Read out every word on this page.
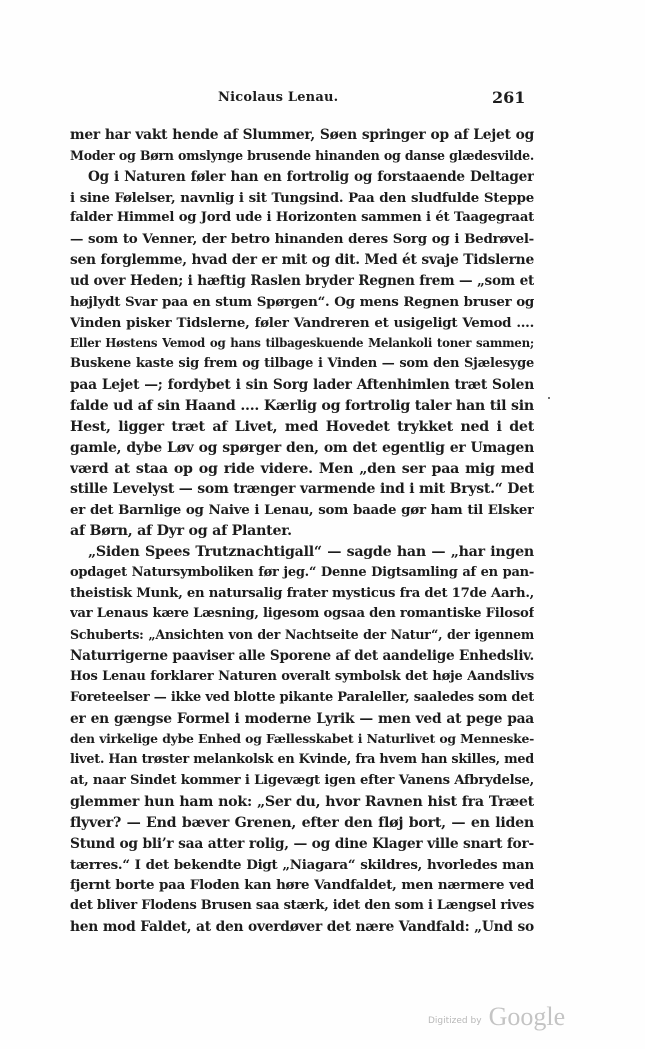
Nicolaus Lenau.	261
mer har vakt hende af Slummer, Søen springer op af Lejet og
Moder og Børn omslynge brusende hinanden og danse glædesvilde.
Og i Naturen føler han en fortrolig og forstaaende Deltager
i sine Følelser, navnlig i sit Tungsind. Paa den sludfulde Steppe
falder Himmel og Jord ude i Horizonten sammen i ét Taagegraat
— som to Venner, der betro hinanden deres Sorg og i Bedrøvel-
sen forglemme, hvad der er mit og dit. Med ét svaje Tidslerne
ud over Heden; i hæftig Raslen bryder Regnen frem — „som et
højlydt Svar paa en stum Spørgen“. Og mens Regnen bruser og
Vinden pisker Tidslerne, føler Vandreren et usigeligt Vemod ....
Eller Høstens Vemod og hans tilbageskuende Melankoli toner sammen;
Buskene kaste sig frem og tilbage i Vinden — som den Sjælesyge
paa Lejet —; fordybet i sin Sorg lader Aftenhimlen træt Solen
falde ud af sin Haand .... Kærlig og fortrolig taler han til sin
Hest, ligger træt af Livet, med Hovedet trykket ned i det
gamle, dybe Løv og spørger den, om det egentlig er Umagen
værd at staa op og ride videre. Men „den ser paa mig med
stille Levelyst — som trænger varmende ind i mit Bryst.“ Det
er det Barnlige og Naive i Lenau, som baade gør ham til Elsker
af Børn, af Dyr og af Planter.
„Siden Spees Trutznachtigall“ — sagde han — „har ingen
opdaget Natursymboliken før jeg.“ Denne Digtsamling af en pan-
theistisk Munk, en natursalig frater mysticus fra det 17de Aarh.,
var Lenaus kære Læsning, ligesom ogsaa den romantiske Filosof
Schuberts: „Ansichten von der Nachtseite der Natur“, der igennem
Naturrigerne paaviser alle Sporene af det aandelige Enhedsliv.
Hos Lenau forklarer Naturen overalt symbolsk det høje Aandslivs
Foreteelser — ikke ved blotte pikante Paraleller, saaledes som det
er en gængse Formel i moderne Lyrik — men ved at pege paa
den virkelige dybe Enhed og Fællesskabet i Naturlivet og Menneske-
livet. Han trøster melankolsk en Kvinde, fra hvem han skilles, med
at, naar Sindet kommer i Ligevægt igen efter Vanens Afbrydelse,
glemmer hun ham nok: „Ser du, hvor Ravnen hist fra Træet
flyver? — End bæver Grenen, efter den fløj bort, — en liden
Stund og bli’r saa atter rolig, — og dine Klager ville snart for-
tærres.“ I det bekendte Digt „Niagara“ skildres, hvorledes man
fjernt borte paa Floden kan høre Vandfaldet, men nærmere ved
det bliver Flodens Brusen saa stærk, idet den som i Længsel rives
hen mod Faldet, at den overdøver det nære Vandfald: „Und so
Digitized by Google
